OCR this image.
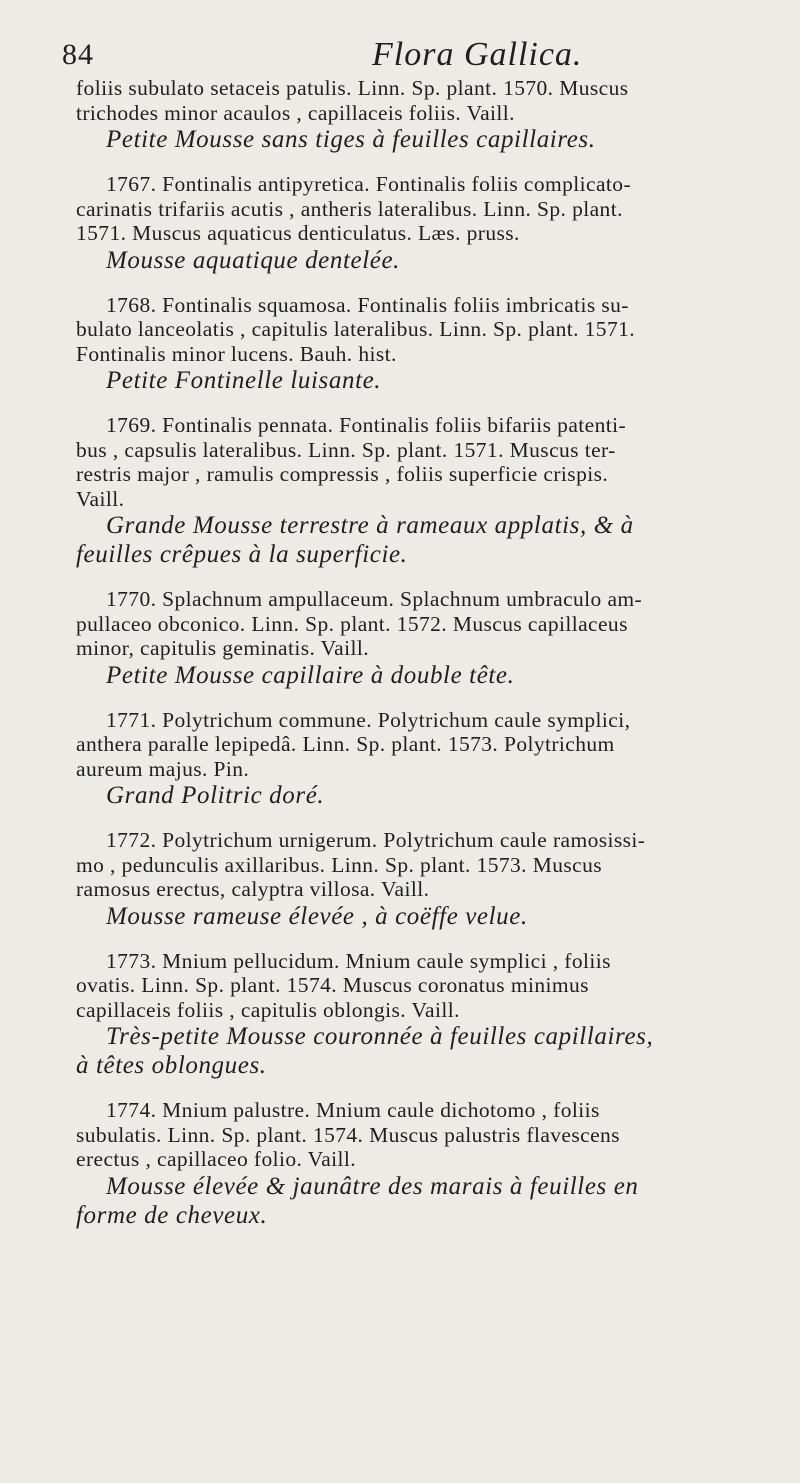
84	Flora Gallica.
foliis subulato setaceis patulis. Linn. Sp. plant. 1570. Muscus
trichodes minor acaulos , capillaceis foliis. Vaill.
Petite Mousse sans tiges à feuilles capillaires.
1767. Fontinalis antipyretica. Fontinalis foliis complicato-
carinatis trifariis acutis , antheris lateralibus. Linn. Sp. plant.
1571. Muscus aquaticus denticulatus. Læs. pruss.
Mousse aquatique dentelée.
1768. Fontinalis squamosa. Fontinalis foliis imbricatis su-
bulato lanceolatis , capitulis lateralibus. Linn. Sp. plant. 1571.
Fontinalis minor lucens. Bauh. hist.
Petite Fontinelle luisante.
1769. Fontinalis pennata. Fontinalis foliis bifariis patenti-
bus , capsulis lateralibus. Linn. Sp. plant. 1571. Muscus ter-
restris major , ramulis compressis , foliis superficie crispis.
Vaill.
Grande Mousse terrestre à rameaux applatis, & à
feuilles crêpues à la superficie.
1770. Splachnum ampullaceum. Splachnum umbraculo am-
pullaceo obconico. Linn. Sp. plant. 1572. Muscus capillaceus
minor, capitulis geminatis. Vaill.
Petite Mousse capillaire à double tête.
1771. Polytrichum commune. Polytrichum caule symplici,
anthera paralle lepipedâ. Linn. Sp. plant. 1573. Polytrichum
aureum majus. Pin.
Grand Politric doré.
1772. Polytrichum urnigerum. Polytrichum caule ramosissi-
mo , pedunculis axillaribus. Linn. Sp. plant. 1573. Muscus
ramosus erectus, calyptra villosa. Vaill.
Mousse rameuse élevée , à coëffe velue.
1773. Mnium pellucidum. Mnium caule symplici , foliis
ovatis. Linn. Sp. plant. 1574. Muscus coronatus minimus
capillaceis foliis , capitulis oblongis. Vaill.
Très-petite Mousse couronnée à feuilles capillaires,
à têtes oblongues.
1774. Mnium palustre. Mnium caule dichotomo , foliis
subulatis. Linn. Sp. plant. 1574. Muscus palustris flavescens
erectus , capillaceo folio. Vaill.
Mousse élevée & jaunâtre des marais à feuilles en
forme de cheveux.
